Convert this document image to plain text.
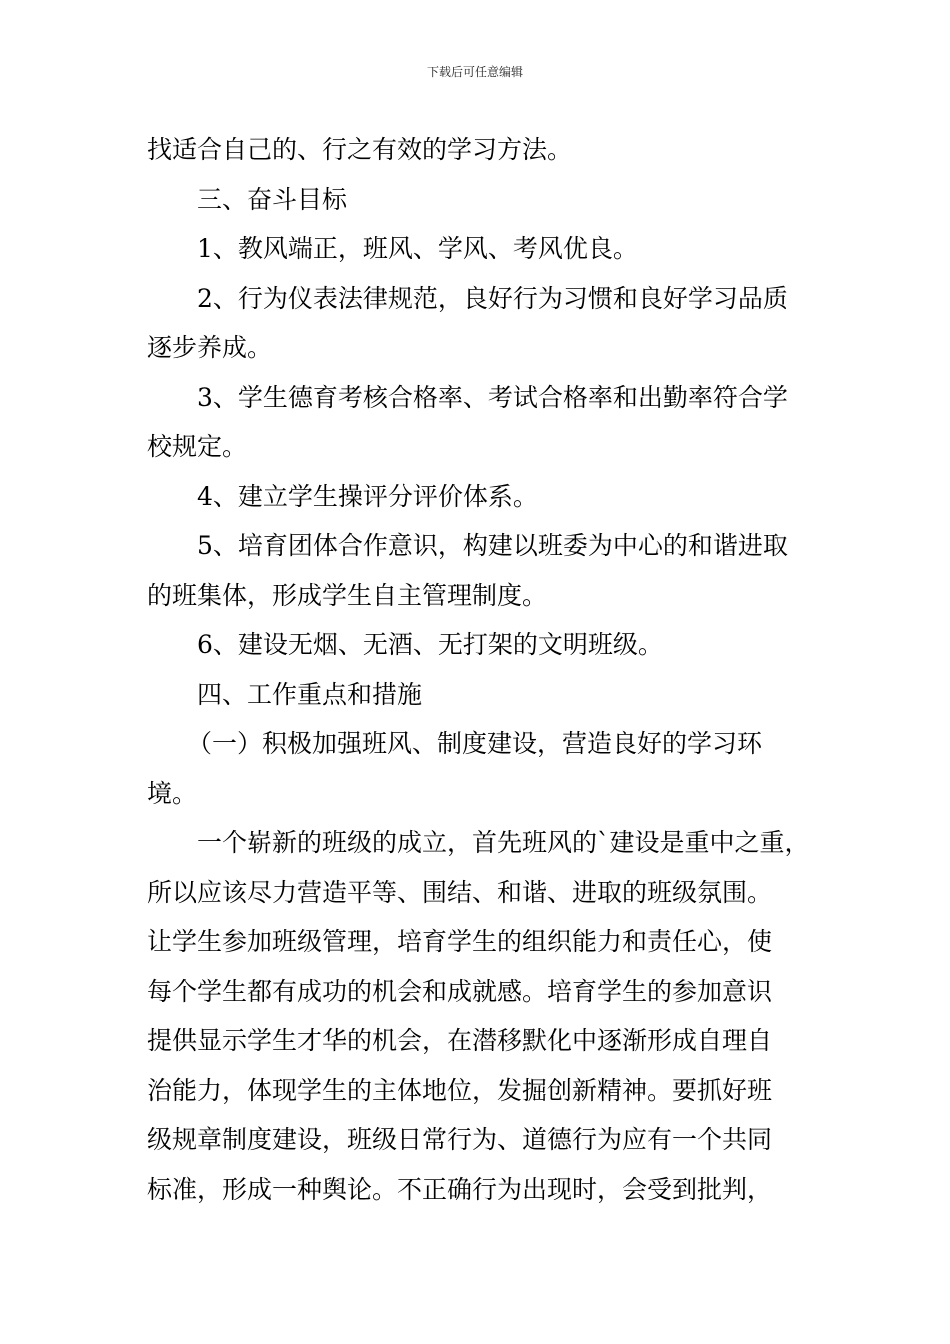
下载后可任意编辑
找适合自己的、行之有效的学习方法。
三、奋斗目标
1、教风端正，班风、学风、考风优良。
2、行为仪表法律规范，良好行为习惯和良好学习品质
逐步养成。
3、学生德育考核合格率、考试合格率和出勤率符合学
校规定。
4、建立学生操评分评价体系。
5、培育团体合作意识，构建以班委为中心的和谐进取
的班集体，形成学生自主管理制度。
6、建设无烟、无酒、无打架的文明班级。
四、工作重点和措施
（一）积极加强班风、制度建设，营造良好的学习环
境。
一个崭新的班级的成立，首先班风的`建设是重中之重，
所以应该尽力营造平等、围结、和谐、进取的班级氛围。
让学生参加班级管理，培育学生的组织能力和责任心，使
每个学生都有成功的机会和成就感。培育学生的参加意识
提供显示学生才华的机会，在潜移默化中逐渐形成自理自
治能力，体现学生的主体地位，发掘创新精神。要抓好班
级规章制度建设，班级日常行为、道德行为应有一个共同
标准，形成一种舆论。不正确行为出现时，会受到批判，
